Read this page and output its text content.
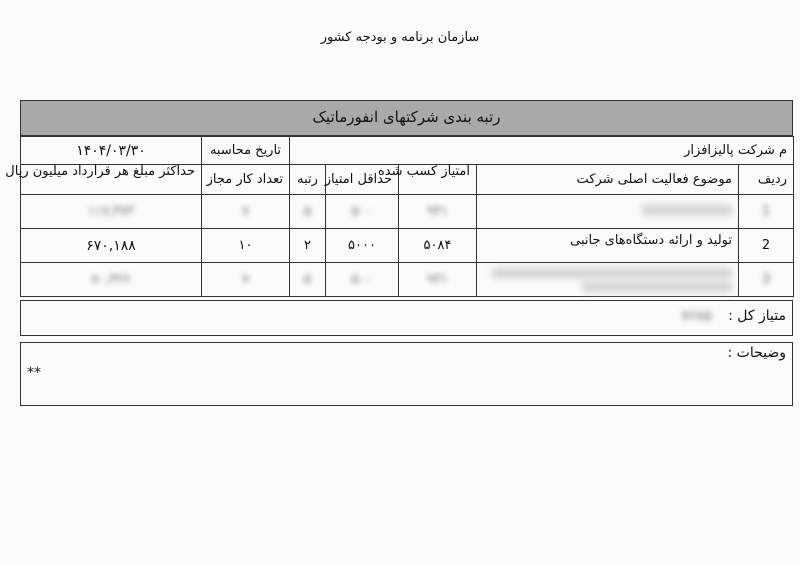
سازمان برنامه و بودجه کشور
رتبه بندی شرکتهای انفورماتیک
م شرکت پالیزافزار					تاریخ محاسبه	۱۴۰۴/۰۳/۳۰
ردیف	موضوع فعالیت اصلی شرکت	امتیاز کسب شده	حداقل امتیاز	رتبه	تعداد کار مجاز	حداکثر مبلغ هر قرارداد میلیون ریال
1		۹۳۱	۵۰۰	۵	۷	۱۱۷,۳۷۳
2	تولید و ارائه دستگاه‌های جانبی	۵۰۸۴	۵۰۰۰	۲	۱۰	۶۷۰,۱۸۸
3		۹۳۱	۵۰۰	۵	۷	۸۰,۳۲۶
متیاز کل : ۷۶۸۵
وضیحات :
**
